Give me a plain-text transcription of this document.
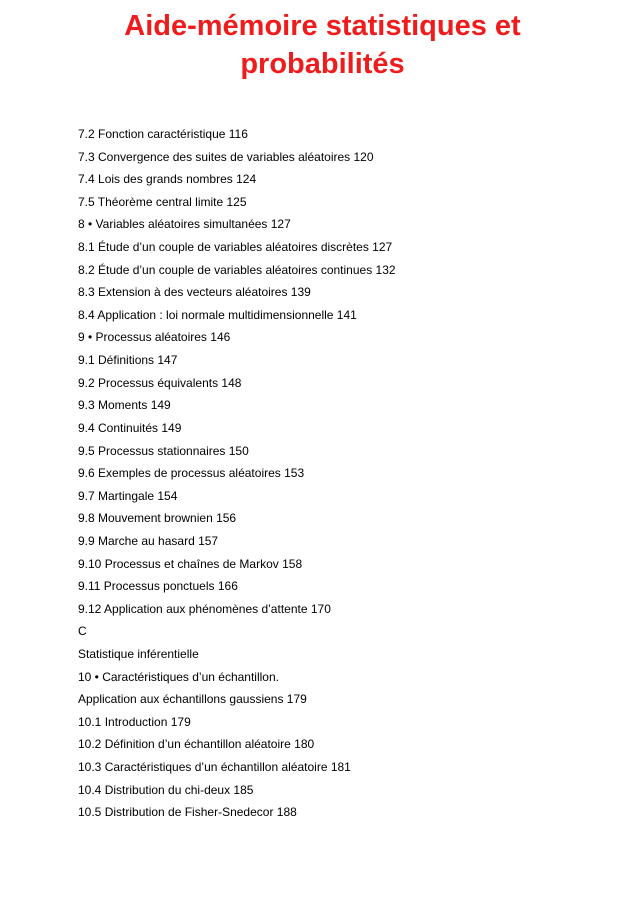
Aide-mémoire statistiques et probabilités
7.2 Fonction caractéristique 116
7.3 Convergence des suites de variables aléatoires 120
7.4 Lois des grands nombres 124
7.5 Théorème central limite 125
8 • Variables aléatoires simultanées 127
8.1 Étude d’un couple de variables aléatoires discrètes 127
8.2 Étude d’un couple de variables aléatoires continues 132
8.3 Extension à des vecteurs aléatoires 139
8.4 Application : loi normale multidimensionnelle 141
9 • Processus aléatoires 146
9.1 Définitions 147
9.2 Processus équivalents 148
9.3 Moments 149
9.4 Continuités 149
9.5 Processus stationnaires 150
9.6 Exemples de processus aléatoires 153
9.7 Martingale 154
9.8 Mouvement brownien 156
9.9 Marche au hasard 157
9.10 Processus et chaînes de Markov 158
9.11 Processus ponctuels 166
9.12 Application aux phénomènes d’attente 170
C
Statistique inférentielle
10 • Caractéristiques d’un échantillon.
Application aux échantillons gaussiens 179
10.1 Introduction 179
10.2 Définition d’un échantillon aléatoire 180
10.3 Caractéristiques d’un échantillon aléatoire 181
10.4 Distribution du chi-deux 185
10.5 Distribution de Fisher-Snedecor 188
